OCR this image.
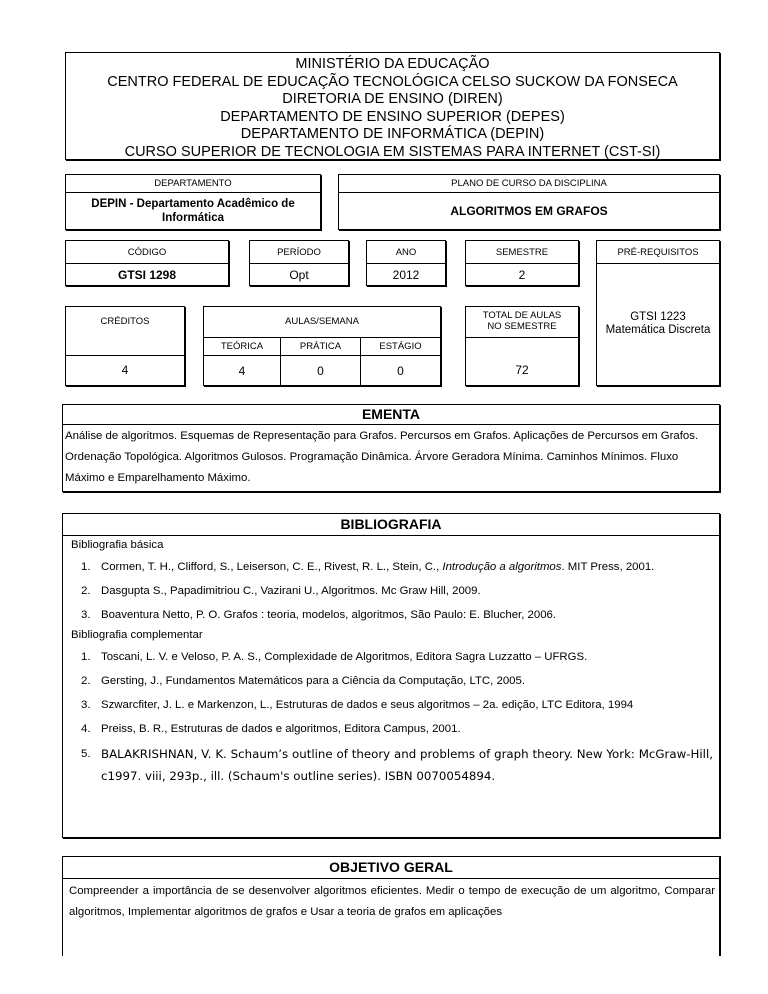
MINISTÉRIO DA EDUCAÇÃO
CENTRO FEDERAL DE EDUCAÇÃO TECNOLÓGICA CELSO SUCKOW DA FONSECA
DIRETORIA DE ENSINO (DIREN)
DEPARTAMENTO DE ENSINO SUPERIOR (DEPES)
DEPARTAMENTO DE INFORMÁTICA (DEPIN)
CURSO SUPERIOR DE TECNOLOGIA EM SISTEMAS PARA INTERNET (CST-SI)
DEPARTAMENTO
DEPIN - Departamento Acadêmico de Informática
PLANO DE CURSO DA DISCIPLINA
ALGORITMOS EM GRAFOS
CÓDIGO
GTSI 1298
PERÍODO
Opt
ANO
2012
SEMESTRE
2
PRÉ-REQUISITOS
GTSI 1223
Matemática Discreta
CRÉDITOS
4
AULAS/SEMANA
TEÓRICA	PRÁTICA	ESTÁGIO
4	0	0
TOTAL DE AULAS
NO SEMESTRE
72
EMENTA
Análise de algoritmos. Esquemas de Representação para Grafos. Percursos em Grafos. Aplicações de Percursos em Grafos. Ordenação Topológica. Algoritmos Gulosos. Programação Dinâmica. Árvore Geradora Mínima. Caminhos Mínimos. Fluxo Máximo e Emparelhamento Máximo.
BIBLIOGRAFIA
Bibliografia básica
1. Cormen, T. H., Clifford, S., Leiserson, C. E., Rivest, R. L., Stein, C., Introdução a algoritmos. MIT Press, 2001.
2. Dasgupta S., Papadimitriou C., Vazirani U., Algoritmos. Mc Graw Hill, 2009.
3. Boaventura Netto, P. O. Grafos : teoria, modelos, algoritmos, São Paulo: E. Blucher, 2006.
Bibliografia complementar
1. Toscani, L. V. e Veloso, P. A. S., Complexidade de Algoritmos, Editora Sagra Luzzatto – UFRGS.
2. Gersting, J., Fundamentos Matemáticos para a Ciência da Computação, LTC, 2005.
3. Szwarcfiter, J. L. e Markenzon, L., Estruturas de dados e seus algoritmos – 2a. edição, LTC Editora, 1994
4. Preiss, B. R., Estruturas de dados e algoritmos, Editora Campus, 2001.
5. BALAKRISHNAN, V. K. Schaum’s outline of theory and problems of graph theory. New York: McGraw-Hill, c1997. viii, 293p., ill. (Schaum's outline series). ISBN 0070054894.
OBJETIVO GERAL
Compreender a importância de se desenvolver algoritmos eficientes. Medir o tempo de execução de um algoritmo, Comparar algoritmos, Implementar algoritmos de grafos e Usar a teoria de grafos em aplicações
